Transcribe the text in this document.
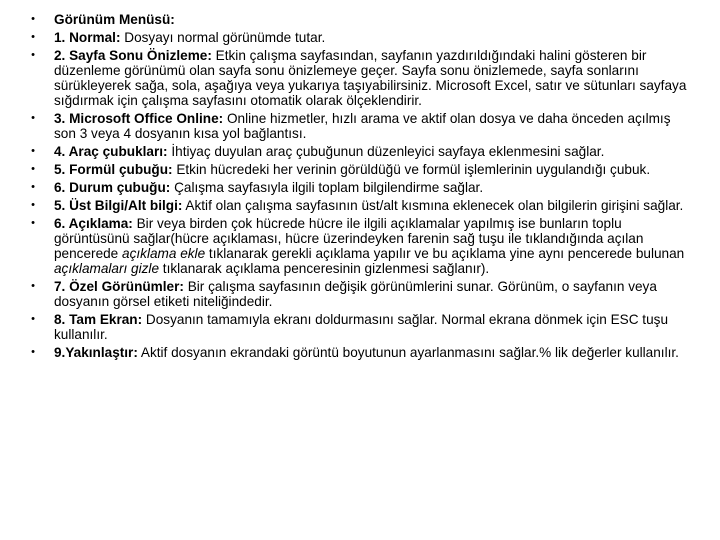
• Görünüm Menüsü:
• 1. Normal: Dosyayı normal görünümde tutar.
• 2. Sayfa Sonu Önizleme: Etkin çalışma sayfasından, sayfanın yazdırıldığındaki halini gösteren bir düzenleme görünümü olan sayfa sonu önizlemeye geçer. Sayfa sonu önizlemede, sayfa sonlarını sürükleyerek sağa, sola, aşağıya veya yukarıya taşıyabilirsiniz. Microsoft Excel, satır ve sütunları sayfaya sığdırmak için çalışma sayfasını otomatik olarak ölçeklendirir.
• 3. Microsoft Office Online: Online hizmetler, hızlı arama ve aktif olan dosya ve daha önceden açılmış son 3 veya 4 dosyanın kısa yol bağlantısı.
• 4. Araç çubukları: İhtiyaç duyulan araç çubuğunun düzenleyici sayfaya eklenmesini sağlar.
• 5. Formül çubuğu: Etkin hücredeki her verinin görüldüğü ve formül işlemlerinin uygulandığı çubuk.
• 6. Durum çubuğu: Çalışma sayfasıyla ilgili toplam bilgilendirme sağlar.
• 5. Üst Bilgi/Alt bilgi: Aktif olan çalışma sayfasının üst/alt kısmına eklenecek olan bilgilerin girişini sağlar.
• 6. Açıklama: Bir veya birden çok hücrede hücre ile ilgili açıklamalar yapılmış ise bunların toplu görüntüsünü sağlar(hücre açıklaması, hücre üzerindeyken farenin sağ tuşu ile tıklandığında açılan pencerede açıklama ekle tıklanarak gerekli açıklama yapılır ve bu açıklama yine aynı pencerede bulunan açıklamaları gizle tıklanarak açıklama penceresinin gizlenmesi sağlanır).
• 7. Özel Görünümler: Bir çalışma sayfasının değişik görünümlerini sunar. Görünüm, o sayfanın veya dosyanın görsel etiketi niteliğindedir.
• 8. Tam Ekran: Dosyanın tamamıyla ekranı doldurmasını sağlar. Normal ekrana dönmek için ESC tuşu kullanılır.
• 9.Yakınlaştır: Aktif dosyanın ekrandaki görüntü boyutunun ayarlanmasını sağlar.% lik değerler kullanılır.
